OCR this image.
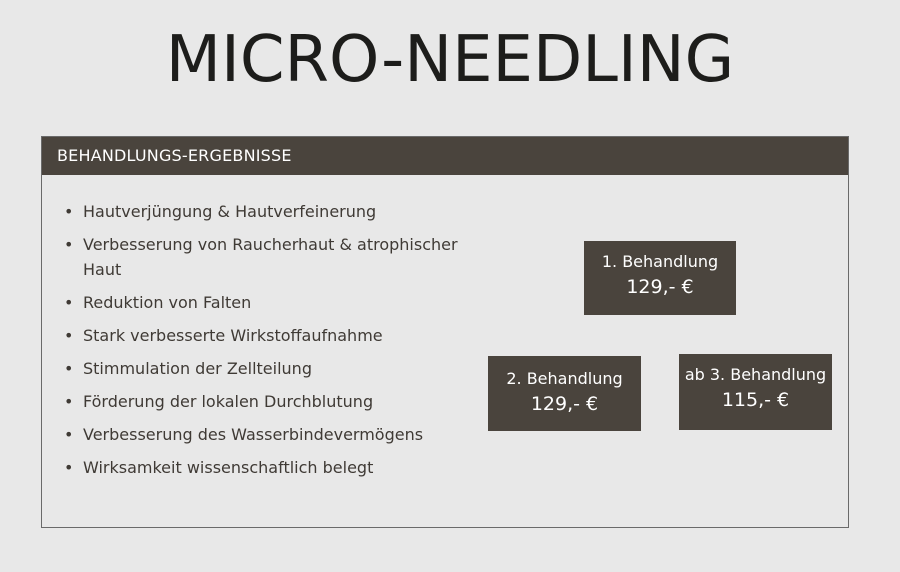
MICRO-NEEDLING
BEHANDLUNGS-ERGEBNISSE
• Hautverjüngung & Hautverfeinerung
• Verbesserung von Raucherhaut & atrophischer Haut
• Reduktion von Falten
• Stark verbesserte Wirkstoffaufnahme
• Stimmulation der Zellteilung
• Förderung der lokalen Durchblutung
• Verbesserung des Wasserbindevermögens
• Wirksamkeit wissenschaftlich belegt
1. Behandlung
129,- €
2. Behandlung
129,- €
ab 3. Behandlung
115,- €
